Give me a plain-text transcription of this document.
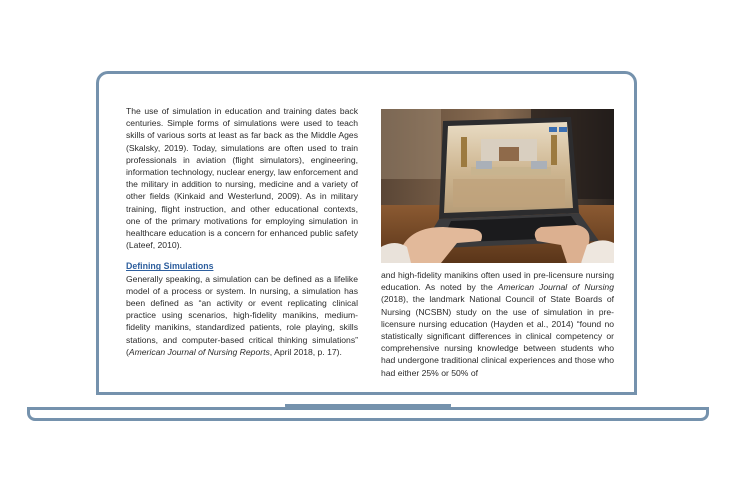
The use of simulation in education and training dates back centuries. Simple forms of simulations were used to teach skills of various sorts at least as far back as the Middle Ages (Skalsky, 2019). Today, simulations are often used to train professionals in aviation (flight simulators), engineering, information technology, nuclear energy, law enforcement and the military in addition to nursing, medicine and a variety of other fields (Kinkaid and Westerlund, 2009). As in military training, flight instruction, and other educational contexts, one of the primary motivations for employing simulation in healthcare education is a concern for enhanced public safety (Lateef, 2010).

Defining Simulations

Generally speaking, a simulation can be defined as a lifelike model of a process or system. In nursing, a simulation has been defined as “an activity or event replicating clinical practice using scenarios, high-fidelity manikins, medium-fidelity manikins, standardized patients, role playing, skills stations, and computer-based critical thinking simulations” (American Journal of Nursing Reports, April 2018, p. 17).

and high-fidelity manikins often used in pre-licensure nursing education. As noted by the American Journal of Nursing (2018), the landmark National Council of State Boards of Nursing (NCSBN) study on the use of simulation in pre-licensure nursing education (Hayden et al., 2014) “found no statistically significant differences in clinical competency or comprehensive nursing knowledge between students who had undergone traditional clinical experiences and those who had either 25% or 50% of
